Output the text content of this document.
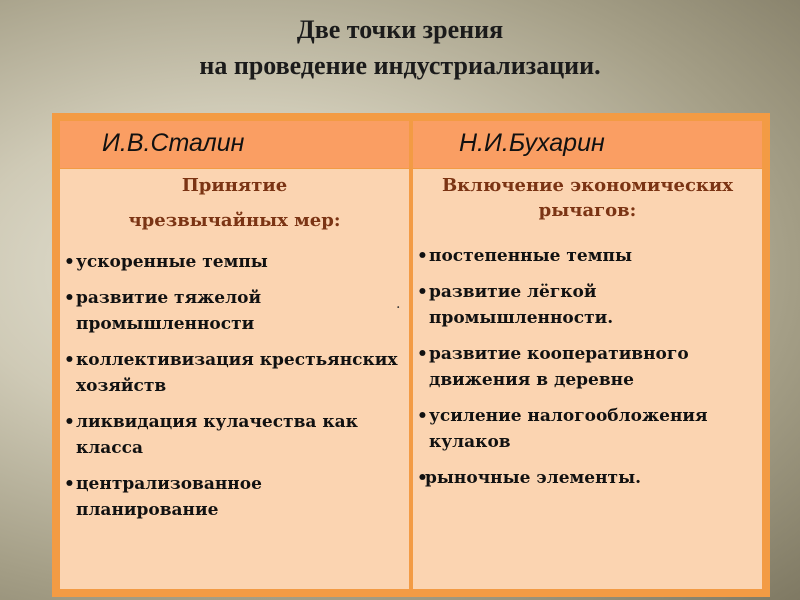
Две точки зрения
на проведение индустриализации.
И.В.Сталин	Н.И.Бухарин
Принятие
чрезвычайных мер:
• ускоренные темпы
• развитие тяжелой промышленности
• коллективизация крестьянских хозяйств
• ликвидация кулачества как класса
• централизованное планирование
Включение экономических
рычагов:
• постепенные темпы
• развитие лёгкой промышленности.
• развитие кооперативного движения в деревне
• усиление налогообложения кулаков
• рыночные элементы.
.
